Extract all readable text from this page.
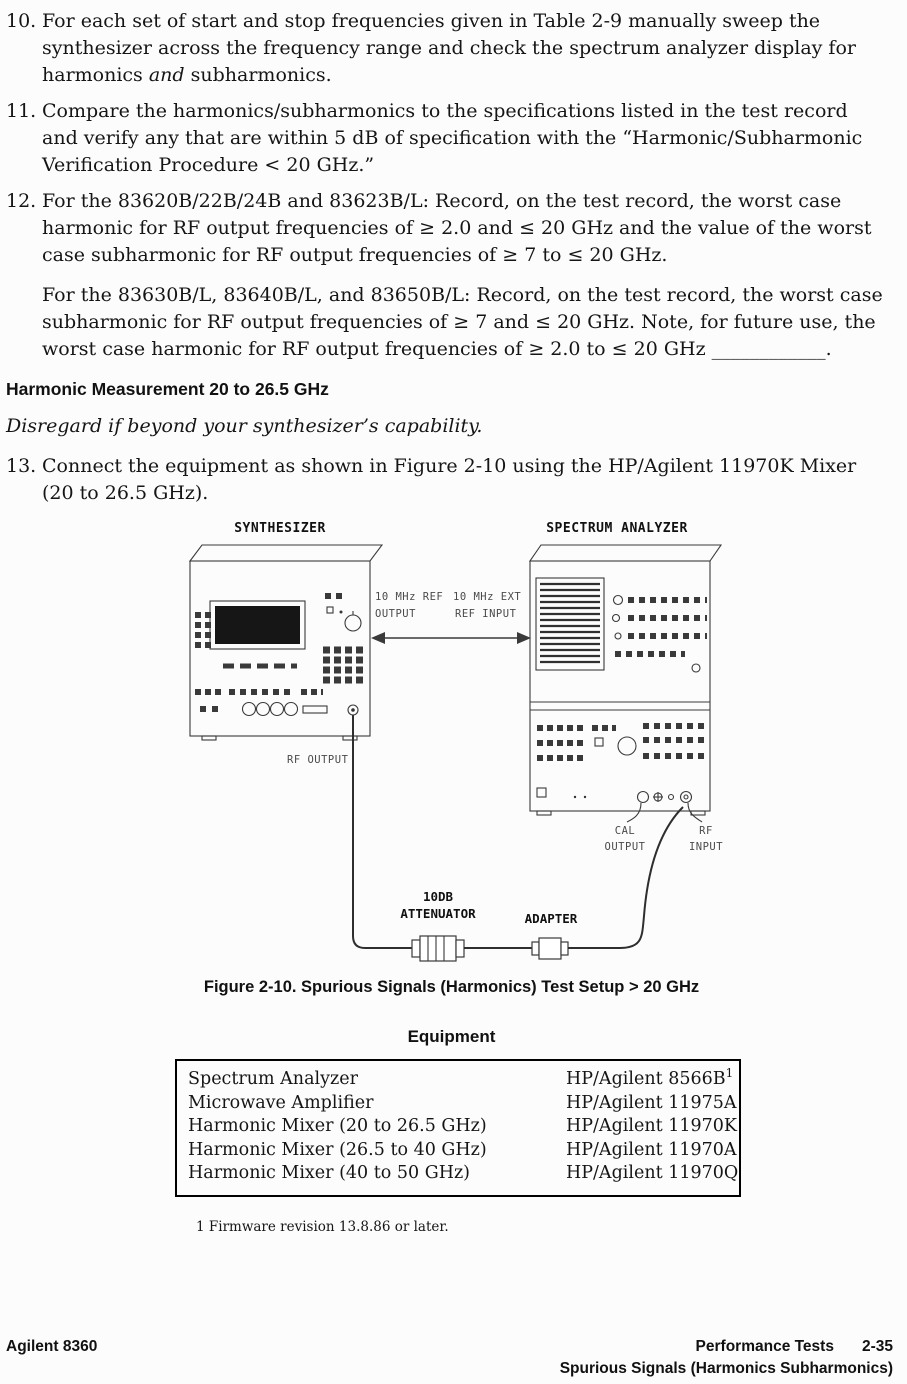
10. For each set of start and stop frequencies given in Table 2-9 manually sweep the synthesizer across the frequency range and check the spectrum analyzer display for harmonics and subharmonics.
11. Compare the harmonics/subharmonics to the specifications listed in the test record and verify any that are within 5 dB of specification with the “Harmonic/Subharmonic Verification Procedure < 20 GHz.”
12. For the 83620B/22B/24B and 83623B/L: Record, on the test record, the worst case harmonic for RF output frequencies of ≥ 2.0 and ≤ 20 GHz and the value of the worst case subharmonic for RF output frequencies of ≥ 7 to ≤ 20 GHz.

For the 83630B/L, 83640B/L, and 83650B/L: Record, on the test record, the worst case subharmonic for RF output frequencies of ≥ 7 and ≤ 20 GHz. Note, for future use, the worst case harmonic for RF output frequencies of ≥ 2.0 to ≤ 20 GHz ____________.

Harmonic Measurement 20 to 26.5 GHz

Disregard if beyond your synthesizer’s capability.

13. Connect the equipment as shown in Figure 2-10 using the HP/Agilent 11970K Mixer (20 to 26.5 GHz).
SYNTHESIZER	SPECTRUM ANALYZER
10 MHz REF
OUTPUT
10 MHz EXT
REF INPUT
RF OUTPUT
CAL
OUTPUT
RF
INPUT
10DB
ATTENUATOR	ADAPTER
Figure 2-10. Spurious Signals (Harmonics) Test Setup > 20 GHz
Equipment
Spectrum Analyzer	HP/Agilent $8566B^1$
Microwave Amplifier	HP/Agilent 11975A
Harmonic Mixer (20 to 26.5 GHz)	HP/Agilent 11970K
Harmonic Mixer (26.5 to 40 GHz)	HP/Agilent 11970A
Harmonic Mixer (40 to 50 GHz)	HP/Agilent 11970Q
1 Firmware revision 13.8.86 or later.
Agilent 8360	Performance Tests 2-35
Spurious Signals (Harmonics Subharmonics)
